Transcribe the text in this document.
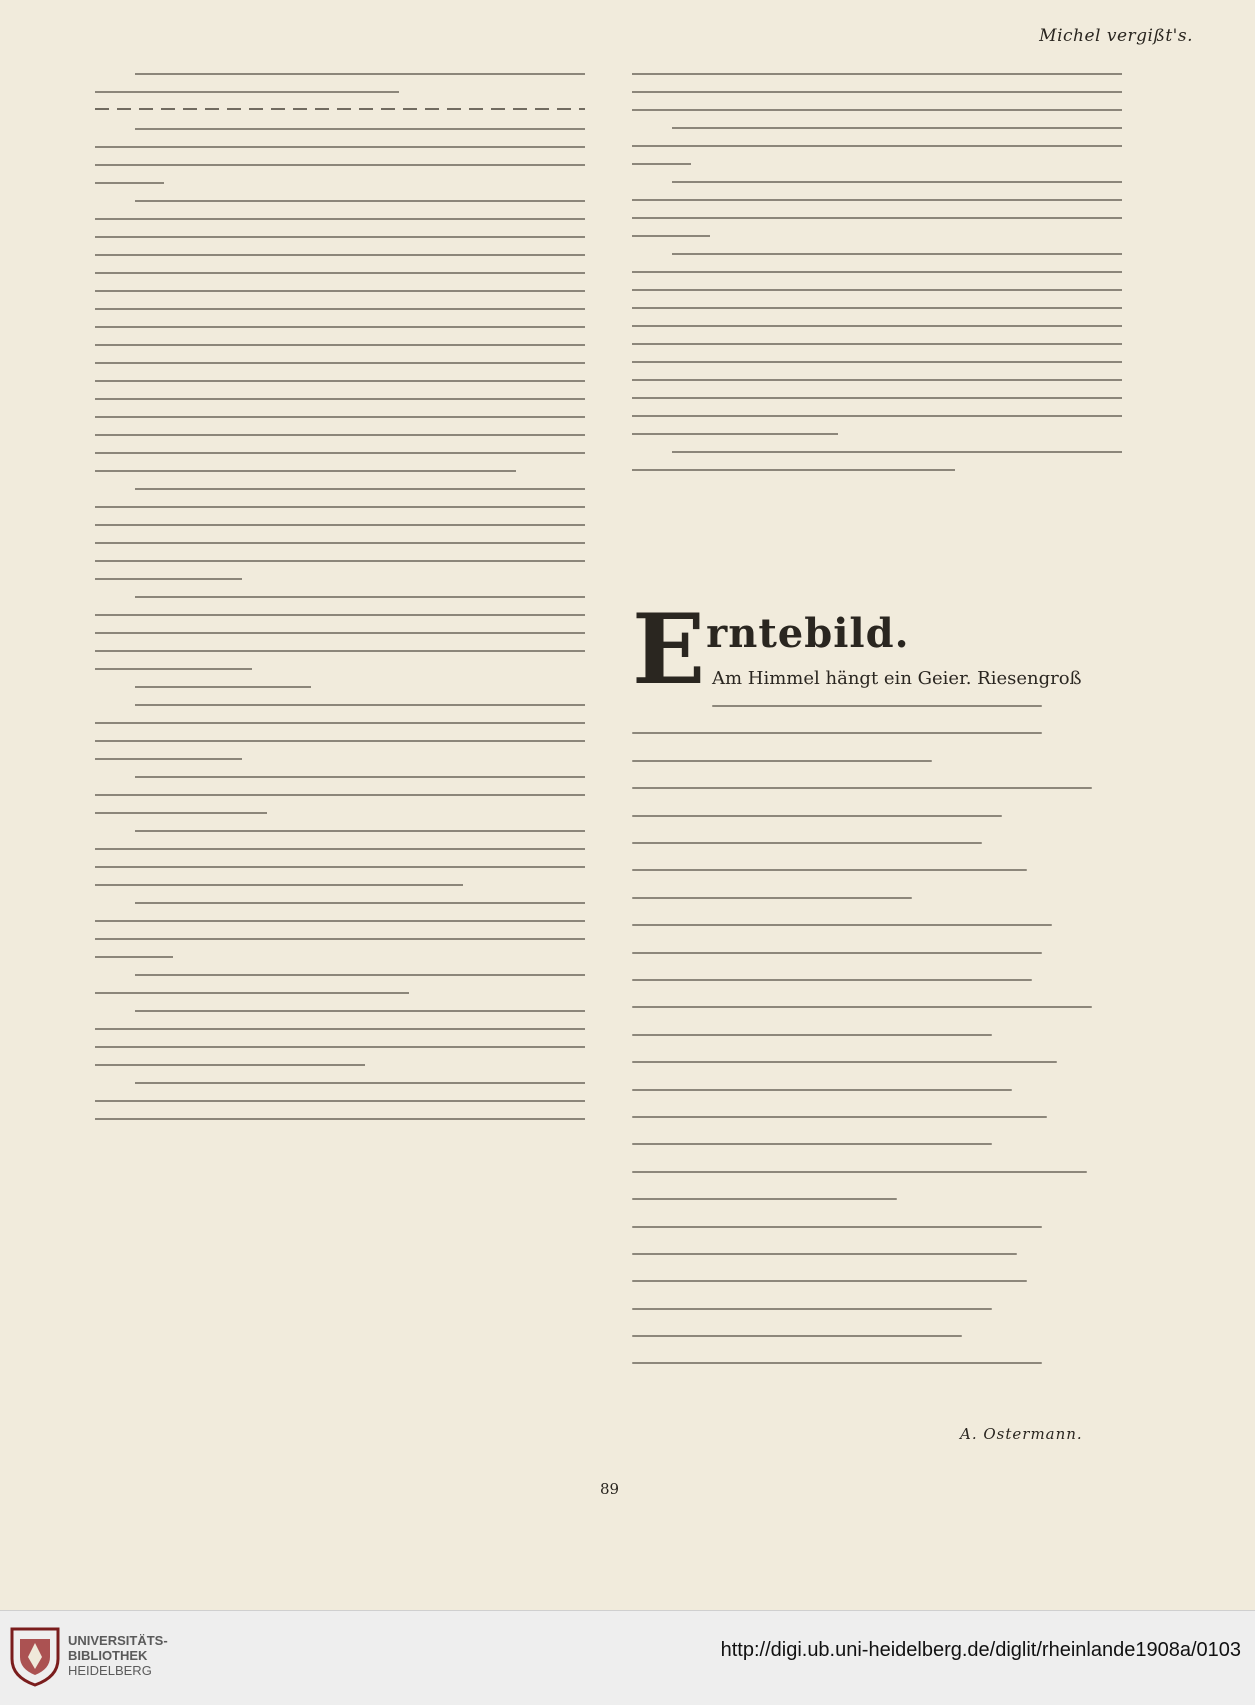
Michel vergißt's.
Erntebild.
Am Himmel hängt ein Geier. Riesengroß
A. Ostermann.
89
UNIVERSITÄTS-
BIBLIOTHEK
HEIDELBERG
http://digi.ub.uni-heidelberg.de/diglit/rheinlande1908a/0103
